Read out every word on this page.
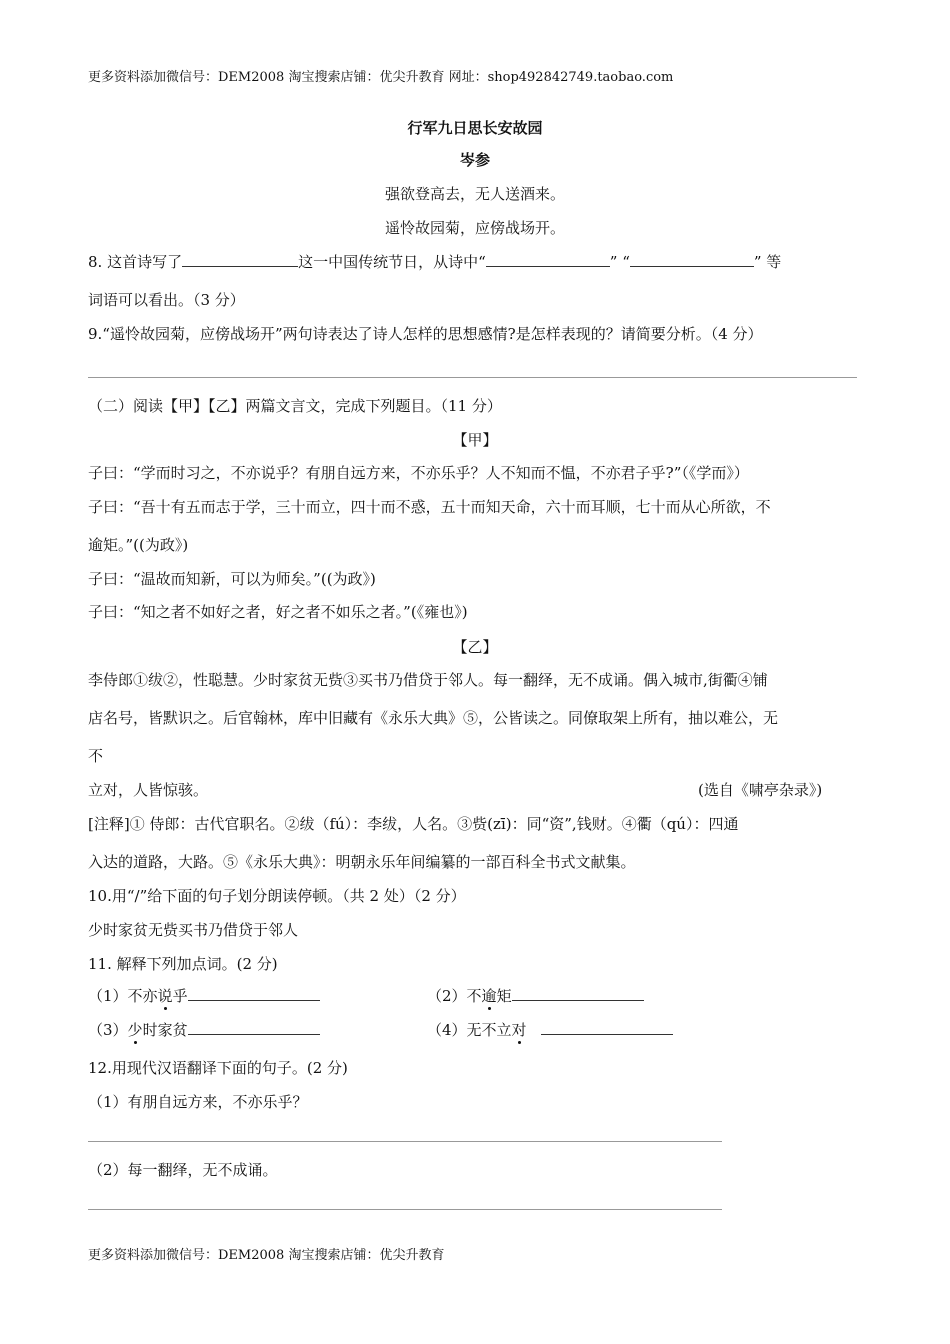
更多资料添加微信号：DEM2008 淘宝搜索店铺：优尖升教育 网址：shop492842749.taobao.com
行军九日思长安故园
岑参
强欲登高去，无人送酒来。
遥怜故园菊，应傍战场开。
8. 这首诗写了	这一中国传统节日，从诗中“	” “	” 等
词语可以看出。（3 分）
9.“遥怜故园菊，应傍战场开”两句诗表达了诗人怎样的思想感情?是怎样表现的？请简要分析。（4 分）
（二）阅读【甲】【乙】两篇文言文，完成下列题目。（11 分）
【甲】
子曰：“学而时习之，不亦说乎？有朋自远方来，不亦乐乎？人不知而不愠，不亦君子乎?”（《学而》）
子曰：“吾十有五而志于学，三十而立，四十而不惑，五十而知天命，六十而耳顺，七十而从心所欲，不
逾矩。”((为政》)
子曰：“温故而知新，可以为师矣。”((为政》)
子曰：“知之者不如好之者，好之者不如乐之者。”(《雍也》)
【乙】
李侍郎①绂②，性聪慧。少时家贫无赀③买书乃借贷于邻人。每一翻绎，无不成诵。偶入城市,街衢④铺
店名号，皆默识之。后官翰林，库中旧藏有《永乐大典》⑤，公皆读之。同僚取架上所有，抽以难公，无
不
立对，人皆惊骇。	(选自《啸亭杂录》)
[注释]① 侍郎：古代官职名。②绂（fú）：李绂，人名。③赀(zī)：同“资”,钱财。④衢（qú）：四通
入达的道路，大路。⑤《永乐大典》：明朝永乐年间编纂的一部百科全书式文献集。
10.用“/”给下面的句子划分朗读停顿。（共 2 处）（2 分）
少时家贫无赀买书乃借贷于邻人
11. 解释下列加点词。(2 分)
（1）不亦说乎	（2）不逾矩
（3）少时家贫	（4）无不立对
12.用现代汉语翻译下面的句子。(2 分)
（1）有朋自远方来，不亦乐乎？
（2）每一翻绎，无不成诵。
更多资料添加微信号：DEM2008 淘宝搜索店铺：优尖升教育
